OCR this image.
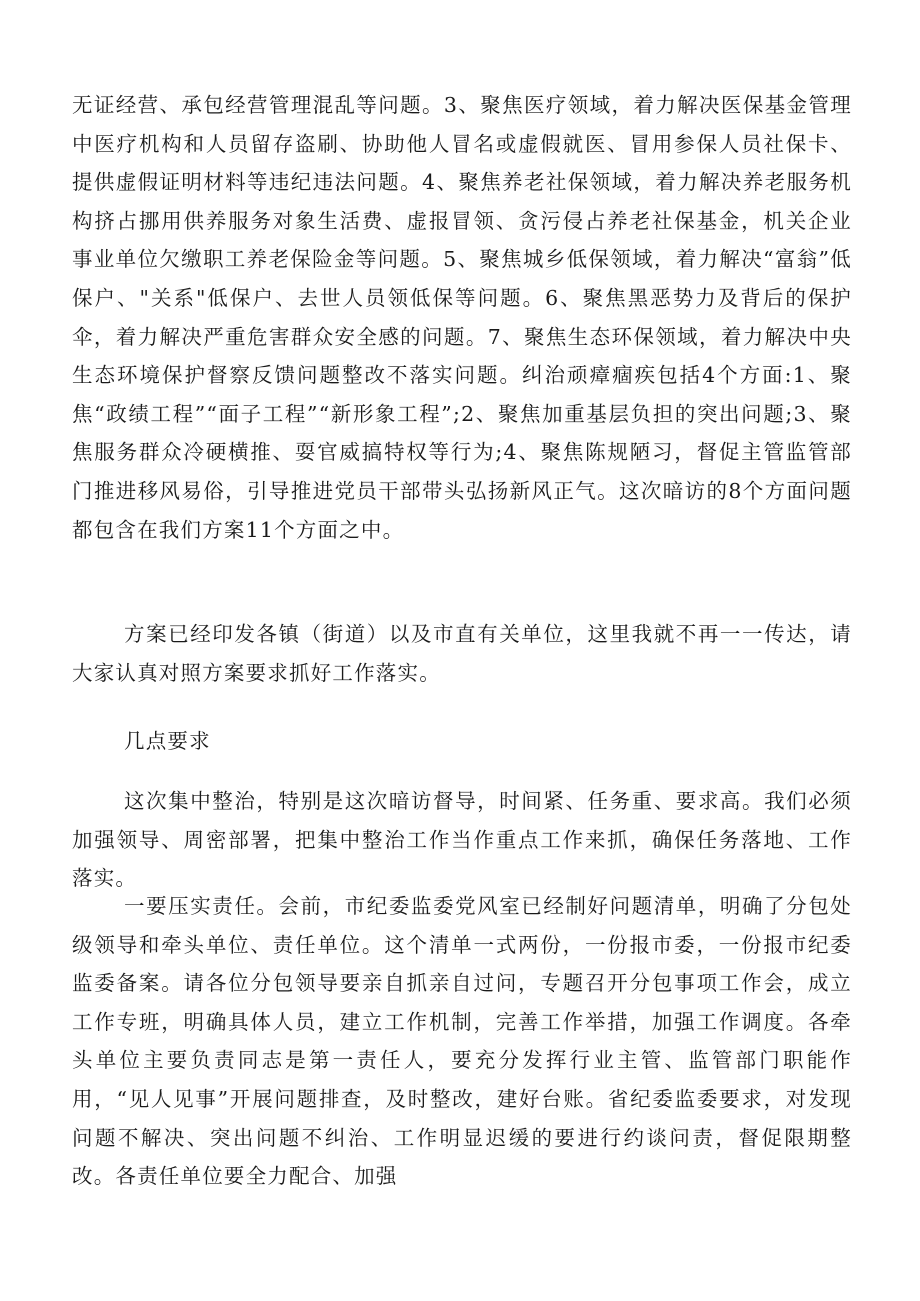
无证经营、承包经营管理混乱等问题。3、聚焦医疗领域，着力解决医保基金管理中医疗机构和人员留存盗刷、协助他人冒名或虚假就医、冒用参保人员社保卡、提供虚假证明材料等违纪违法问题。4、聚焦养老社保领域，着力解决养老服务机构挤占挪用供养服务对象生活费、虚报冒领、贪污侵占养老社保基金，机关企业事业单位欠缴职工养老保险金等问题。5、聚焦城乡低保领域，着力解决“富翁”低保户、"关系"低保户、去世人员领低保等问题。6、聚焦黑恶势力及背后的保护伞，着力解决严重危害群众安全感的问题。7、聚焦生态环保领域，着力解决中央生态环境保护督察反馈问题整改不落实问题。纠治顽瘴痼疾包括4个方面:1、聚焦“政绩工程”“面子工程”“新形象工程”;2、聚焦加重基层负担的突出问题;3、聚焦服务群众冷硬横推、耍官威搞特权等行为;4、聚焦陈规陋习，督促主管监管部门推进移风易俗，引导推进党员干部带头弘扬新风正气。这次暗访的8个方面问题都包含在我们方案11个方面之中。

方案已经印发各镇（街道）以及市直有关单位，这里我就不再一一传达，请大家认真对照方案要求抓好工作落实。

几点要求

这次集中整治，特别是这次暗访督导，时间紧、任务重、要求高。我们必须加强领导、周密部署，把集中整治工作当作重点工作来抓，确保任务落地、工作落实。

一要压实责任。会前，市纪委监委党风室已经制好问题清单，明确了分包处级领导和牵头单位、责任单位。这个清单一式两份，一份报市委，一份报市纪委监委备案。请各位分包领导要亲自抓亲自过问，专题召开分包事项工作会，成立工作专班，明确具体人员，建立工作机制，完善工作举措，加强工作调度。各牵头单位主要负责同志是第一责任人，要充分发挥行业主管、监管部门职能作用，“见人见事”开展问题排查，及时整改，建好台账。省纪委监委要求，对发现问题不解决、突出问题不纠治、工作明显迟缓的要进行约谈问责，督促限期整改。各责任单位要全力配合、加强
